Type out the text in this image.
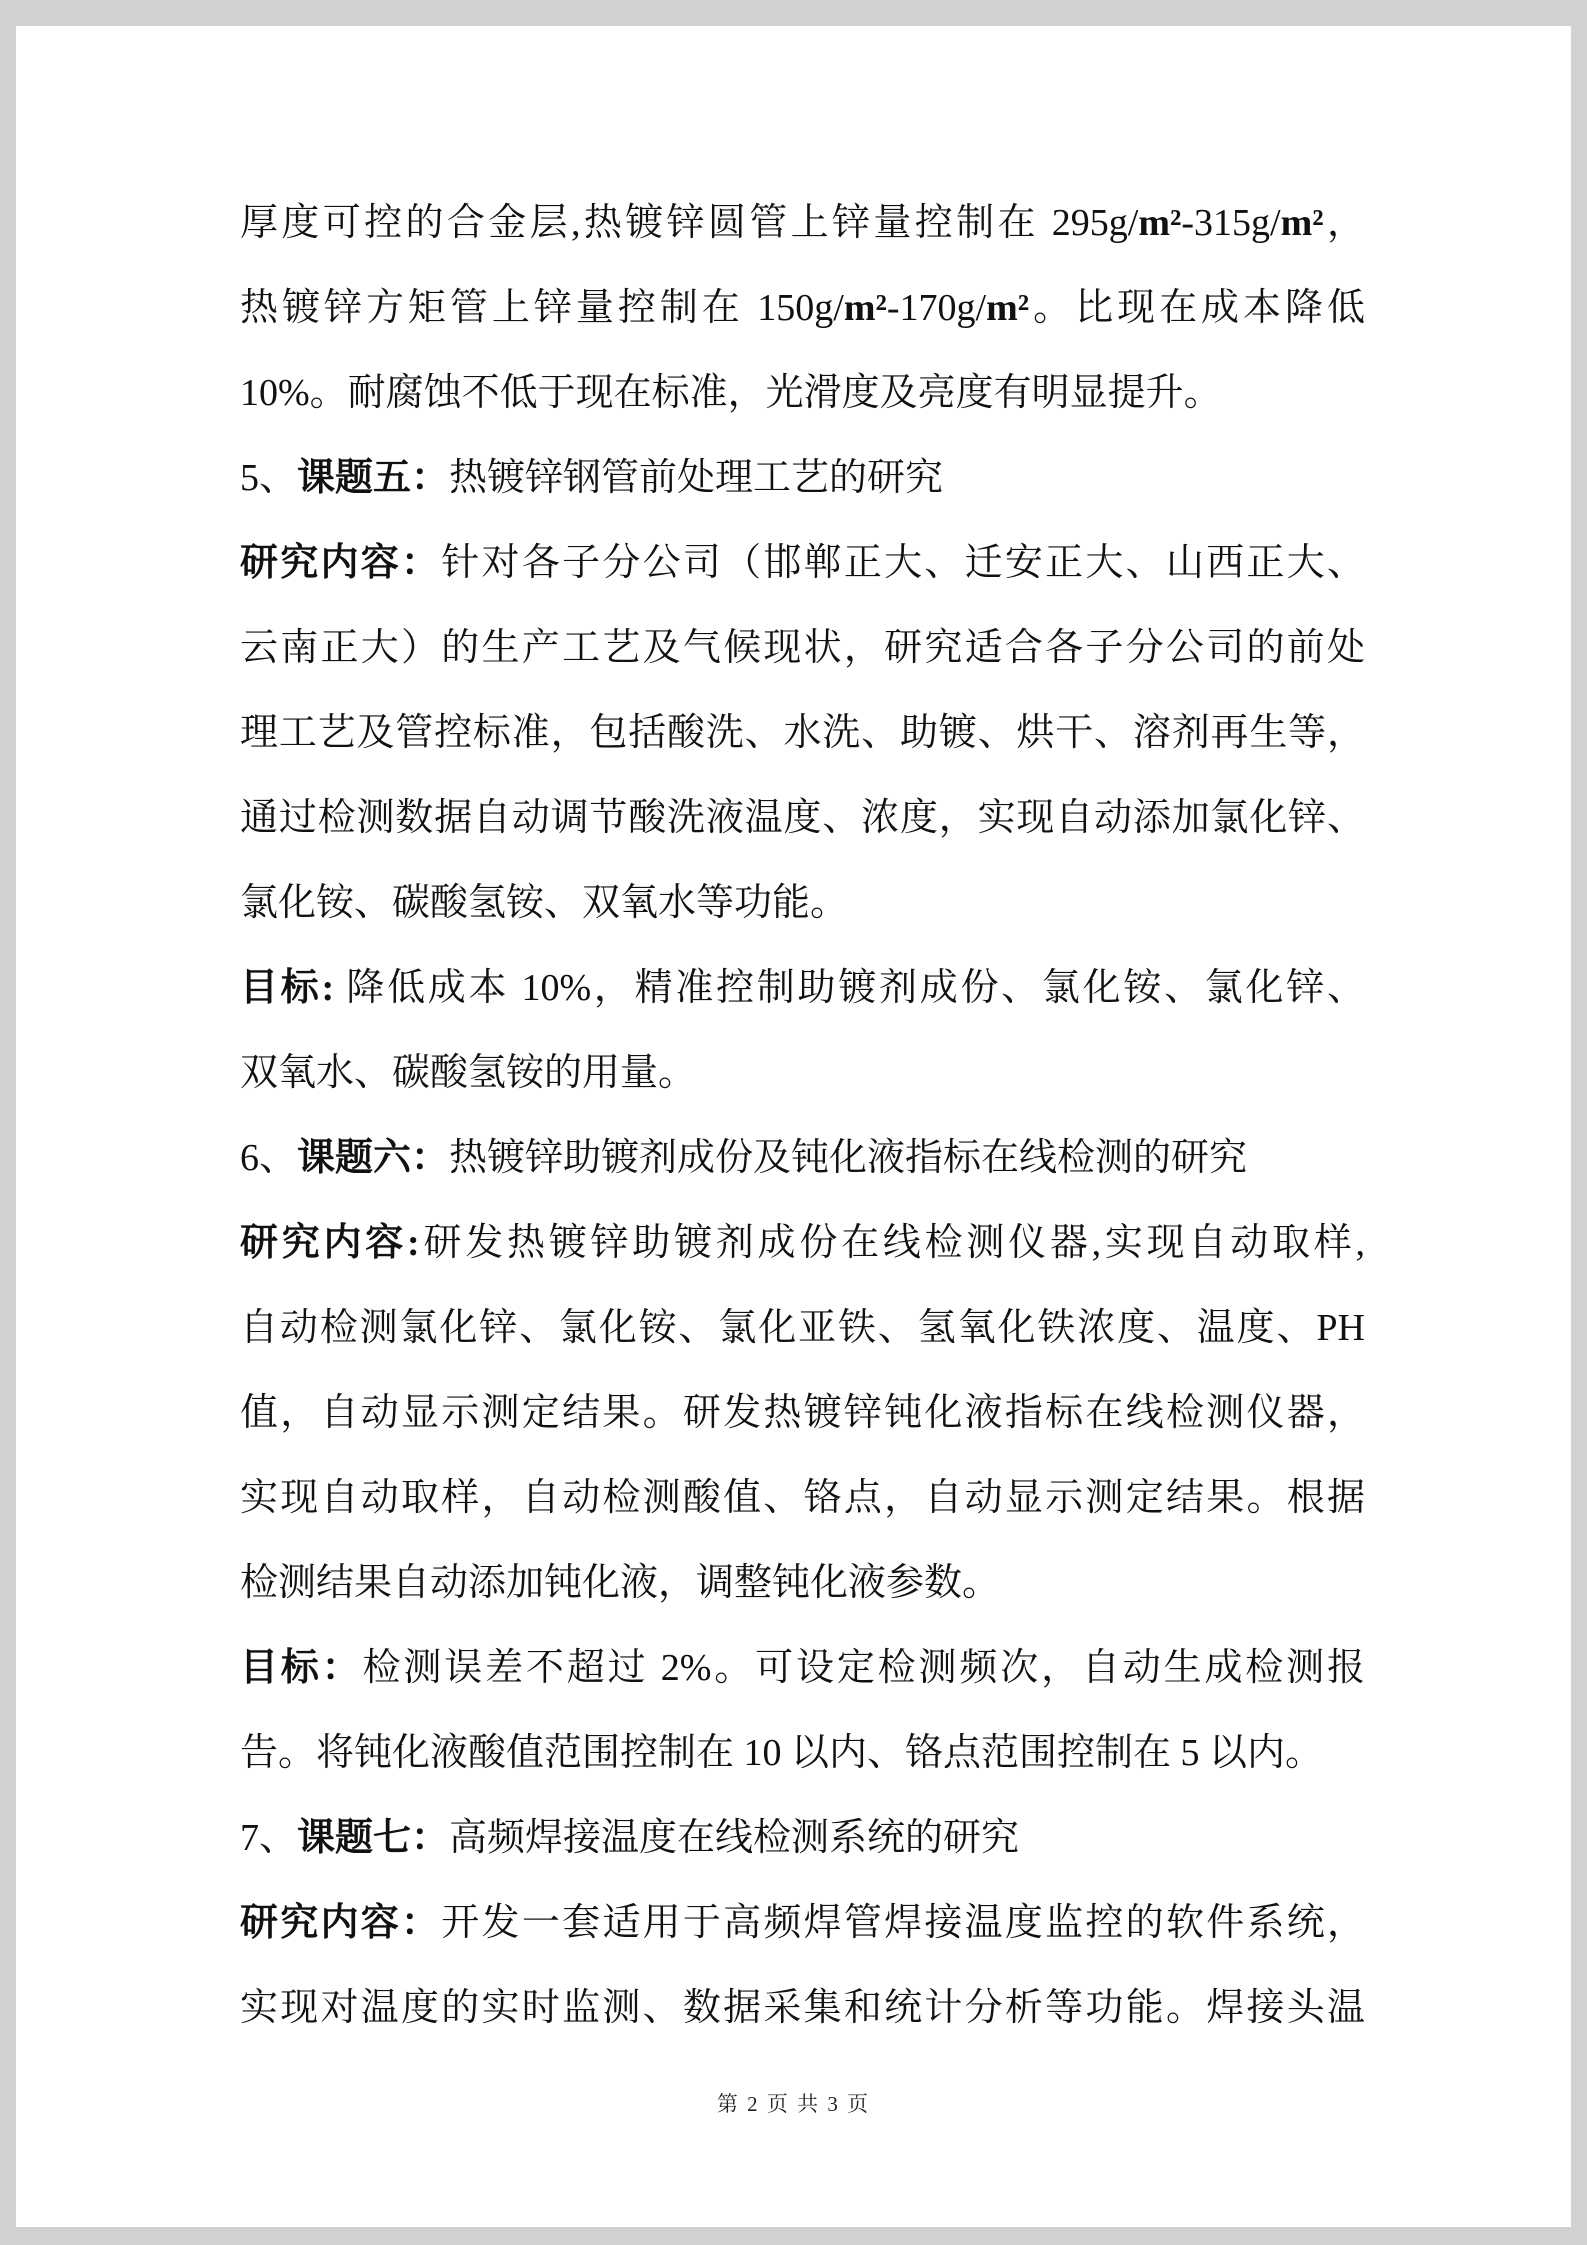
厚度可控的合金层,热镀锌圆管上锌量控制在 295g/m²-315g/m²，
热镀锌方矩管上锌量控制在 150g/m²-170g/m²。比现在成本降低
10%。耐腐蚀不低于现在标准，光滑度及亮度有明显提升。
5、课题五：热镀锌钢管前处理工艺的研究
研究内容：针对各子分公司（邯郸正大、迁安正大、山西正大、
云南正大）的生产工艺及气候现状，研究适合各子分公司的前处
理工艺及管控标准，包括酸洗、水洗、助镀、烘干、溶剂再生等，
通过检测数据自动调节酸洗液温度、浓度，实现自动添加氯化锌、
氯化铵、碳酸氢铵、双氧水等功能。
目标: 降低成本 10%，精准控制助镀剂成份、氯化铵、氯化锌、
双氧水、碳酸氢铵的用量。
6、课题六：热镀锌助镀剂成份及钝化液指标在线检测的研究
研究内容:研发热镀锌助镀剂成份在线检测仪器,实现自动取样,
自动检测氯化锌、氯化铵、氯化亚铁、氢氧化铁浓度、温度、PH
值，自动显示测定结果。研发热镀锌钝化液指标在线检测仪器，
实现自动取样，自动检测酸值、铬点，自动显示测定结果。根据
检测结果自动添加钝化液，调整钝化液参数。
目标：检测误差不超过 2%。可设定检测频次，自动生成检测报
告。将钝化液酸值范围控制在 10 以内、铬点范围控制在 5 以内。
7、课题七：高频焊接温度在线检测系统的研究
研究内容：开发一套适用于高频焊管焊接温度监控的软件系统，
实现对温度的实时监测、数据采集和统计分析等功能。焊接头温
第 2 页 共 3 页
